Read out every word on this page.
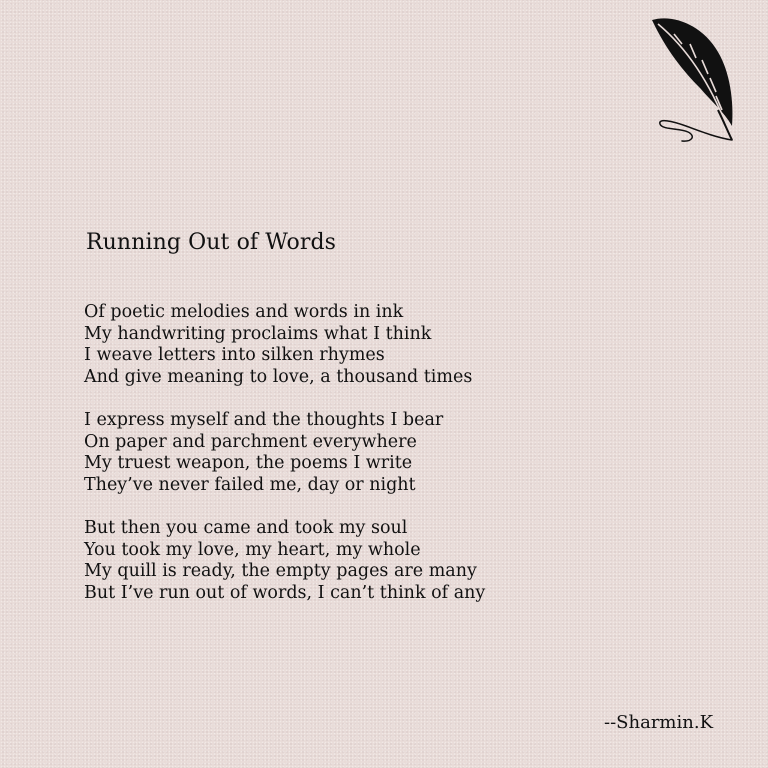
Running Out of Words
Of poetic melodies and words in ink
My handwriting proclaims what I think
I weave letters into silken rhymes
And give meaning to love, a thousand times
I express myself and the thoughts I bear
On paper and parchment everywhere
My truest weapon, the poems I write
They’ve never failed me, day or night
But then you came and took my soul
You took my love, my heart, my whole
My quill is ready, the empty pages are many
But I’ve run out of words, I can’t think of any
--Sharmin.K
